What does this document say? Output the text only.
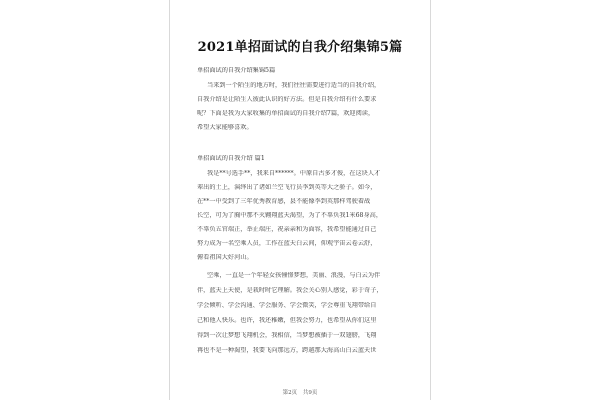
2021单招面试的自我介绍集锦5篇
单招面试的自我介绍集锦5篇
当来到一个陌生的地方时，我们往往需要进行适当的自我介绍，
自我介绍是让陌生人彼此认识的好方法。但是自我介绍有什么要求
呢？下面是我为大家收集的单招面试的自我介绍7篇，欢迎阅读，
希望大家能够喜欢。
单招面试的自我介绍 篇1
我是**号选手**，我来自******。中原自古多才俊，在这块人才
辈出的土上，演绎出了诸如兰空飞行员李到英等大之骄子。如今，
在**一中受到了三年优秀教育感，县不能像李到英那样驾驶着战
长空，可为了胸中那不灭翱翔蓝天渴望，为了不辜负我1米68身高，
不辜负五官端正，举止端庄，祝亲亲和为面容，我希望能通过自己
努力成为一名空乘人员，工作在蓝天白云间，仰观宇宙云卷云舒，
俯看祖国大好河山。
空乘，一直是一个年轻女孩憧憬梦想，美丽、浪漫，与白云为伴
伴，蓝天上天使，是栽时时它理解。我会关心别人感觉，彩于奇子，
学会倾听、学会沟通、学会服务、学会微笑，学会尊重飞翔带给自
己和他人快乐。也许，我还稚嫩，但我会努力，也希望从你们这里
得到一次让梦想飞翔机会，我相信，当梦想被插于一双翅膀，飞翔
再也不是一种渴望，我要飞向那远方，跨越那大海高山白云蓝天世
第2页 共9页
